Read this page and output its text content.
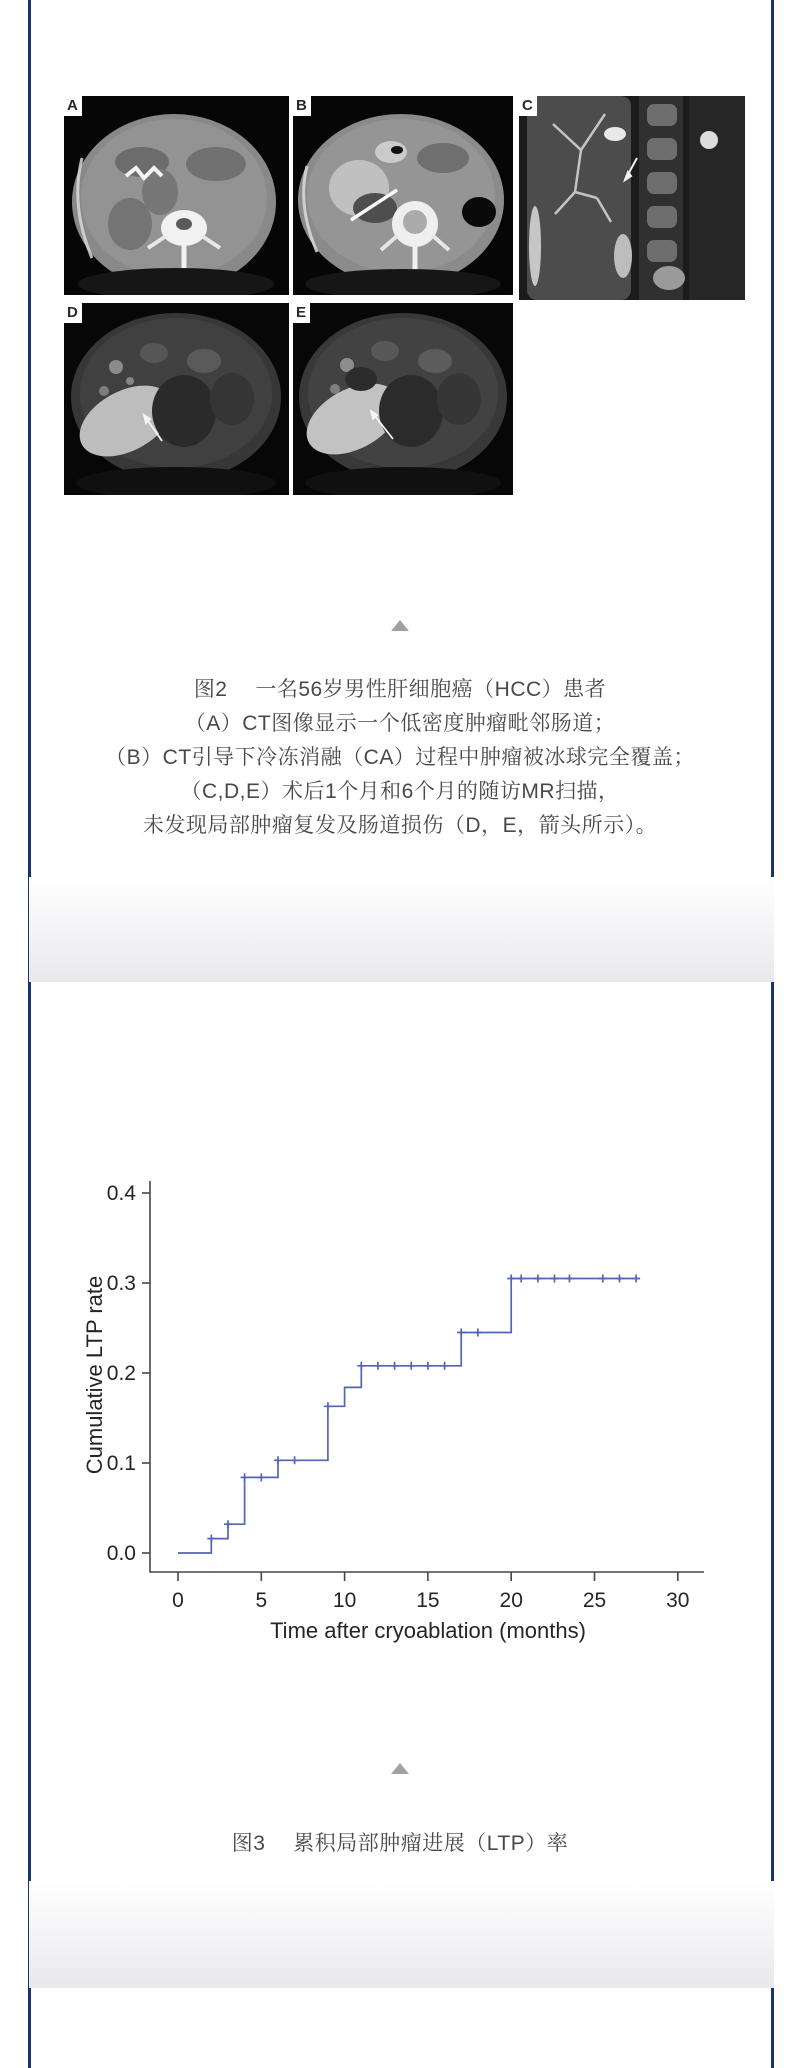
A	B	C
D	E
图2　 一名56岁男性肝细胞癌（HCC）患者
（A）CT图像显示一个低密度肿瘤毗邻肠道；
（B）CT引导下冷冻消融（CA）过程中肿瘤被冰球完全覆盖；
（C,D,E）术后1个月和6个月的随访MR扫描，
未发现局部肿瘤复发及肠道损伤（D，E，箭头所示）。
0.0
0.1
0.2
0.3
0.4
0	5	10	15	20	25	30
Time after cryoablation (months)
Cumulative LTP rate
图3　 累积局部肿瘤进展（LTP）率
